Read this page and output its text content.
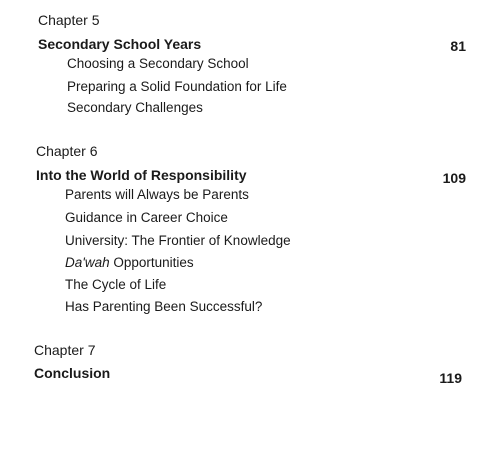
Chapter 5
Secondary School Years	81
Choosing a Secondary School
Preparing a Solid Foundation for Life
Secondary Challenges
Chapter 6
Into the World of Responsibility	109
Parents will Always be Parents
Guidance in Career Choice
University: The Frontier of Knowledge
Da'wah Opportunities
The Cycle of Life
Has Parenting Been Successful?
Chapter 7
Conclusion	119
